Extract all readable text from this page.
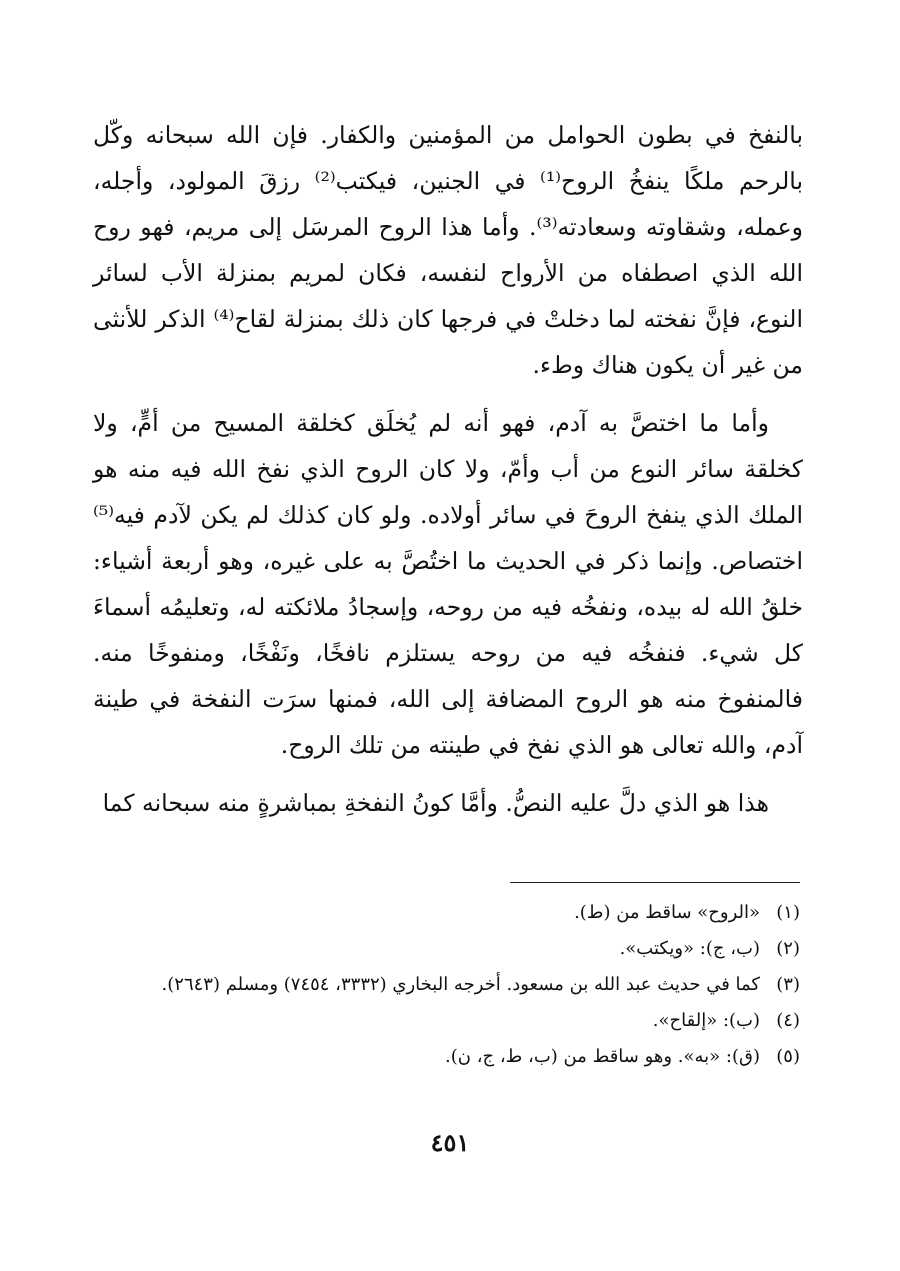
بالنفخ في بطون الحوامل من المؤمنين والكفار. فإن الله سبحانه وكّل بالرحم ملكًا ينفخُ الروح⁽¹⁾ في الجنين، فيكتب⁽²⁾ رزقَ المولود، وأجله، وعمله، وشقاوته وسعادته⁽³⁾. وأما هذا الروح المرسَل إلى مريم، فهو روح الله الذي اصطفاه من الأرواح لنفسه، فكان لمريم بمنزلة الأب لسائر النوع، فإنَّ نفخته لما دخلتْ في فرجها كان ذلك بمنزلة لقاح⁽⁴⁾ الذكر للأنثى من غير أن يكون هناك وطء.

وأما ما اختصَّ به آدم، فهو أنه لم يُخلَق كخلقة المسيح من أمٍّ، ولا كخلقة سائر النوع من أب وأمّ، ولا كان الروح الذي نفخ الله فيه منه هو الملك الذي ينفخ الروحَ في سائر أولاده. ولو كان كذلك لم يكن لآدم فيه⁽⁵⁾ اختصاص. وإنما ذكر في الحديث ما اختُصَّ به على غيره، وهو أربعة أشياء: خلقُ الله له بيده، ونفخُه فيه من روحه، وإسجادُ ملائكته له، وتعليمُه أسماءَ كل شيء. فنفخُه فيه من روحه يستلزم نافخًا، ونَفْخًا، ومنفوخًا منه. فالمنفوخ منه هو الروح المضافة إلى الله، فمنها سرَت النفخة في طينة آدم، والله تعالى هو الذي نفخ في طينته من تلك الروح.

هذا هو الذي دلَّ عليه النصُّ. وأمَّا كونُ النفخةِ بمباشرةٍ منه سبحانه كما

(١)
«الروح» ساقط من (ط).

(٢)
(ب، ج): «ويكتب».

(٣)
كما في حديث عبد الله بن مسعود. أخرجه البخاري (٣٣٣٢، ٧٤٥٤) ومسلم (٢٦٤٣).

(٤)
(ب): «إلقاح».

(٥)
(ق): «به». وهو ساقط من (ب، ط، ج، ن).

٤٥١
